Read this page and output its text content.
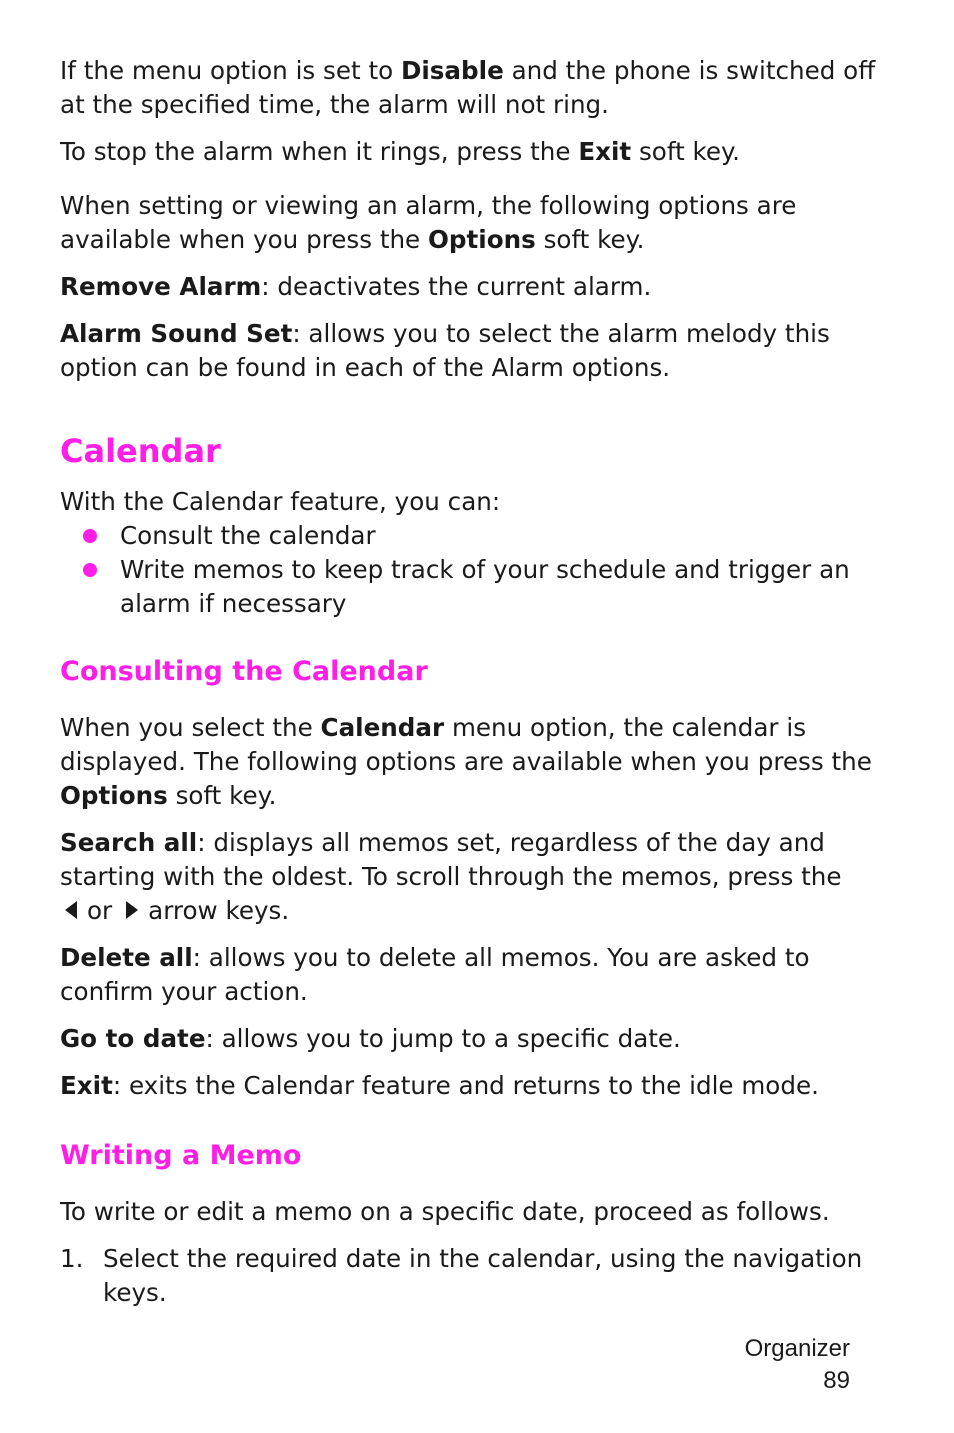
If the menu option is set to Disable and the phone is switched off at the specified time, the alarm will not ring.

To stop the alarm when it rings, press the Exit soft key.

When setting or viewing an alarm, the following options are available when you press the Options soft key.

Remove Alarm: deactivates the current alarm.

Alarm Sound Set: allows you to select the alarm melody this option can be found in each of the Alarm options.

Calendar

With the Calendar feature, you can:

Consult the calendar
Write memos to keep track of your schedule and trigger an alarm if necessary
Consulting the Calendar

When you select the Calendar menu option, the calendar is displayed. The following options are available when you press the Options soft key.

Search all: displays all memos set, regardless of the day and starting with the oldest. To scroll through the memos, press the
or arrow keys.

Delete all: allows you to delete all memos. You are asked to confirm your action.

Go to date: allows you to jump to a specific date.

Exit: exits the Calendar feature and returns to the idle mode.

Writing a Memo

To write or edit a memo on a specific date, proceed as follows.

1. Select the required date in the calendar, using the navigation keys.
Organizer
89
